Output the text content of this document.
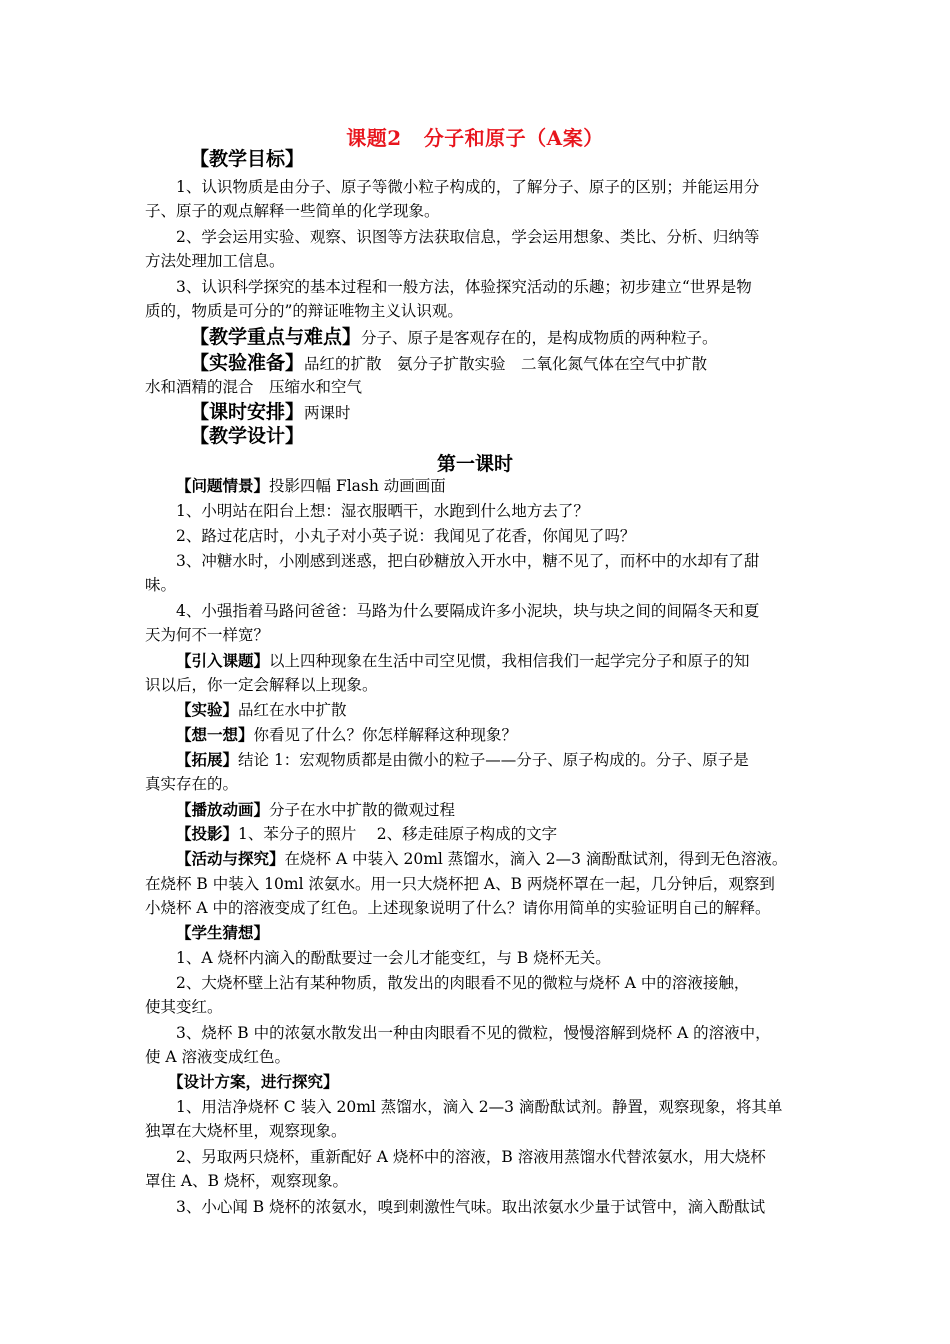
课题2 分子和原子（A案）
【教学目标】
1、认识物质是由分子、原子等微小粒子构成的，了解分子、原子的区别；并能运用分
子、原子的观点解释一些简单的化学现象。
2、学会运用实验、观察、识图等方法获取信息，学会运用想象、类比、分析、归纳等
方法处理加工信息。
3、认识科学探究的基本过程和一般方法，体验探究活动的乐趣；初步建立“世界是物
质的，物质是可分的”的辩证唯物主义认识观。
【教学重点与难点】分子、原子是客观存在的，是构成物质的两种粒子。
【实验准备】品红的扩散　氨分子扩散实验　二氧化氮气体在空气中扩散
水和酒精的混合　压缩水和空气
【课时安排】两课时
【教学设计】
第一课时
【问题情景】投影四幅 Flash 动画画面
1、小明站在阳台上想：湿衣服晒干，水跑到什么地方去了？
2、路过花店时，小丸子对小英子说：我闻见了花香，你闻见了吗？
3、冲糖水时，小刚感到迷惑，把白砂糖放入开水中，糖不见了，而杯中的水却有了甜
味。
4、小强指着马路问爸爸：马路为什么要隔成许多小泥块，块与块之间的间隔冬天和夏
天为何不一样宽？
【引入课题】以上四种现象在生活中司空见惯，我相信我们一起学完分子和原子的知
识以后，你一定会解释以上现象。
【实验】品红在水中扩散
【想一想】你看见了什么？你怎样解释这种现象？
【拓展】结论 1：宏观物质都是由微小的粒子——分子、原子构成的。分子、原子是
真实存在的。
【播放动画】分子在水中扩散的微观过程
【投影】1、苯分子的照片　 2、移走硅原子构成的文字
【活动与探究】在烧杯 A 中装入 20ml 蒸馏水，滴入 2—3 滴酚酞试剂，得到无色溶液。
在烧杯 B 中装入 10ml 浓氨水。用一只大烧杯把 A、B 两烧杯罩在一起，几分钟后，观察到
小烧杯 A 中的溶液变成了红色。上述现象说明了什么？请你用简单的实验证明自己的解释。
【学生猜想】
1、A 烧杯内滴入的酚酞要过一会儿才能变红，与 B 烧杯无关。
2、大烧杯壁上沾有某种物质，散发出的肉眼看不见的微粒与烧杯 A 中的溶液接触，
使其变红。
3、烧杯 B 中的浓氨水散发出一种由肉眼看不见的微粒，慢慢溶解到烧杯 A 的溶液中，
使 A 溶液变成红色。
【设计方案，进行探究】
1、用洁净烧杯 C 装入 20ml 蒸馏水，滴入 2—3 滴酚酞试剂。静置，观察现象，将其单
独罩在大烧杯里，观察现象。
2、另取两只烧杯，重新配好 A 烧杯中的溶液，B 溶液用蒸馏水代替浓氨水，用大烧杯
罩住 A、B 烧杯，观察现象。
3、小心闻 B 烧杯的浓氨水，嗅到刺激性气味。取出浓氨水少量于试管中，滴入酚酞试
